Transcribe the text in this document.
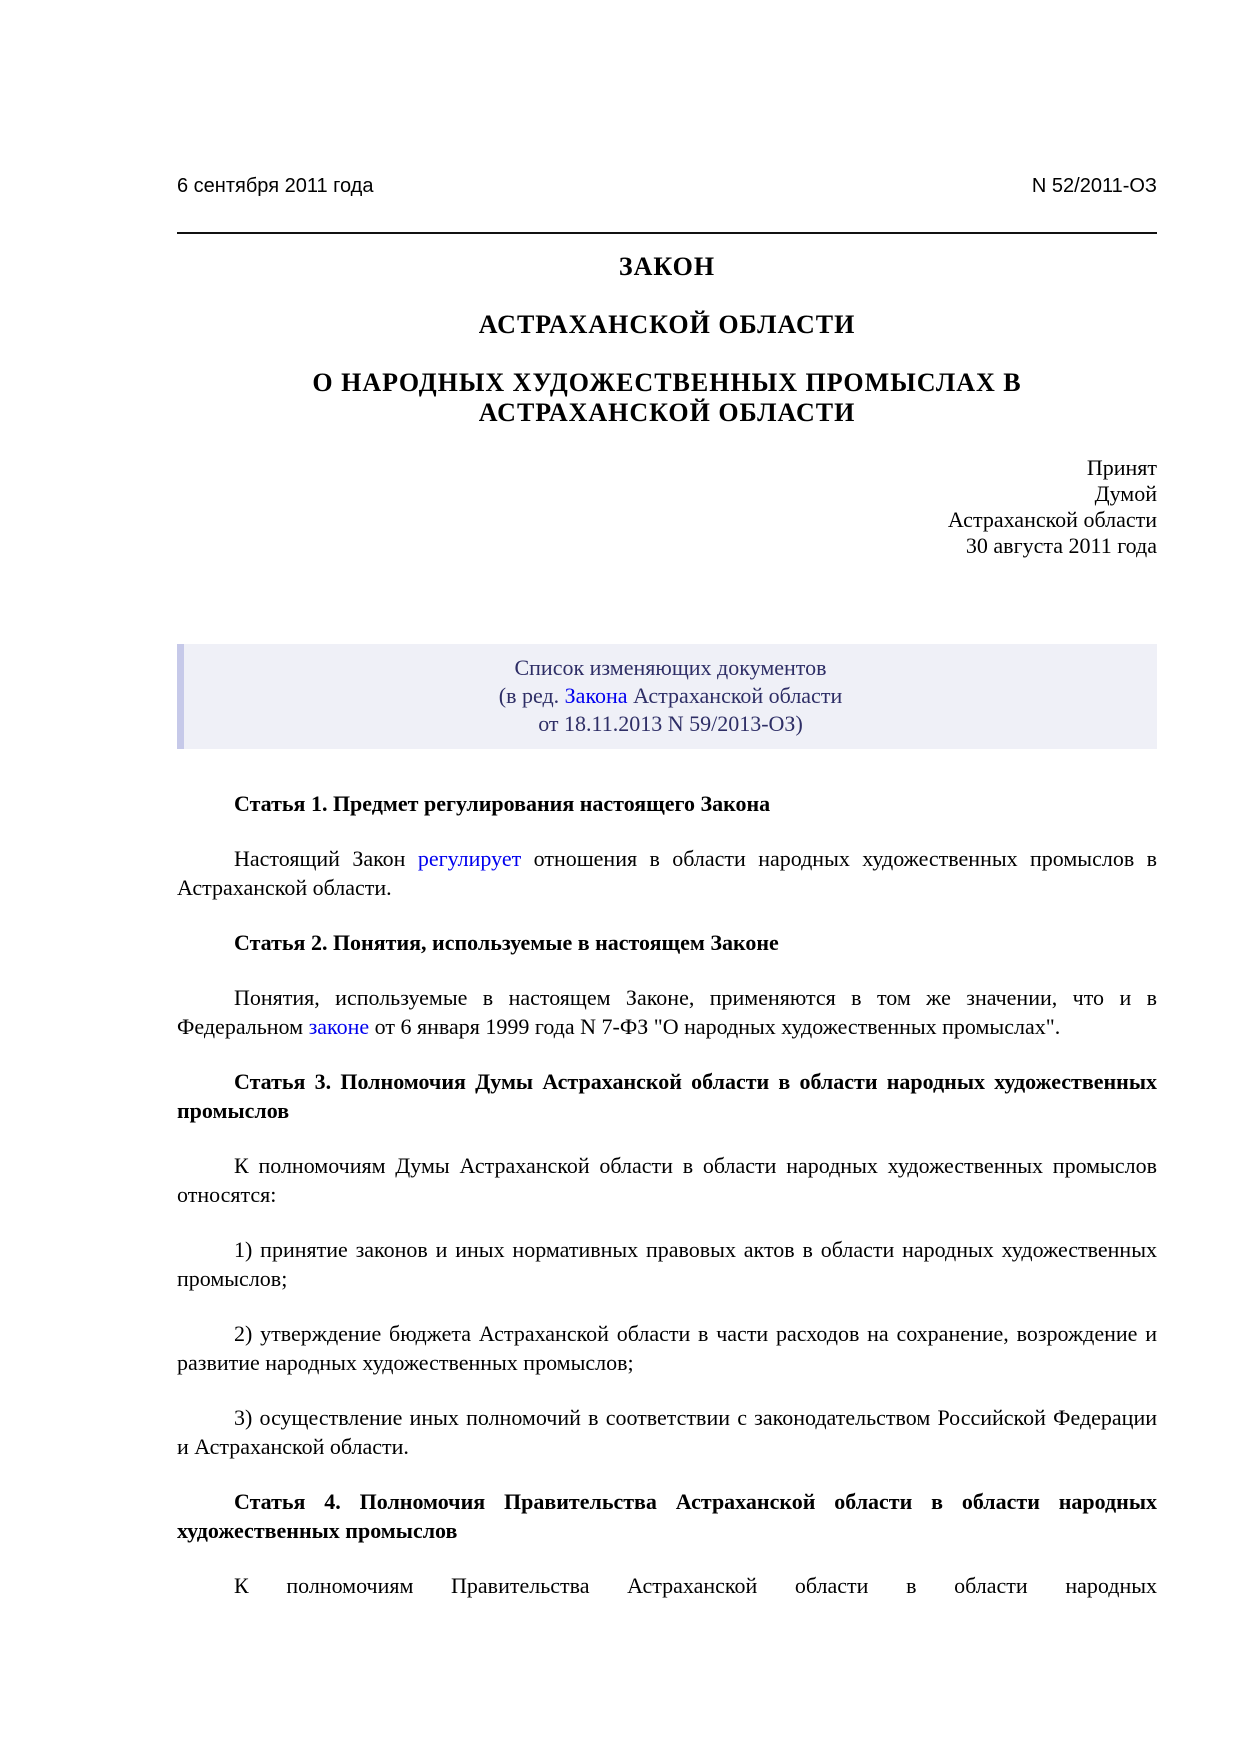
6 сентября 2011 года	N 52/2011-ОЗ
ЗАКОН
АСТРАХАНСКОЙ ОБЛАСТИ
О НАРОДНЫХ ХУДОЖЕСТВЕННЫХ ПРОМЫСЛАХ В
АСТРАХАНСКОЙ ОБЛАСТИ
Принят
Думой
Астраханской области
30 августа 2011 года

Список изменяющих документов

(в ред. Закона Астраханской области

от 18.11.2013 N 59/2013-ОЗ)

Статья 1. Предмет регулирования настоящего Закона

Настоящий Закон регулирует отношения в области народных художественных промыслов в Астраханской области.

Статья 2. Понятия, используемые в настоящем Законе

Понятия, используемые в настоящем Законе, применяются в том же значении, что и в Федеральном законе от 6 января 1999 года N 7-ФЗ "О народных художественных промыслах".

Статья 3. Полномочия Думы Астраханской области в области народных художественных промыслов

К полномочиям Думы Астраханской области в области народных художественных промыслов относятся:

1) принятие законов и иных нормативных правовых актов в области народных художественных промыслов;

2) утверждение бюджета Астраханской области в части расходов на сохранение, возрождение и развитие народных художественных промыслов;

3) осуществление иных полномочий в соответствии с законодательством Российской Федерации и Астраханской области.

Статья 4. Полномочия Правительства Астраханской области в области народных художественных промыслов

К полномочиям Правительства Астраханской области в области народных
